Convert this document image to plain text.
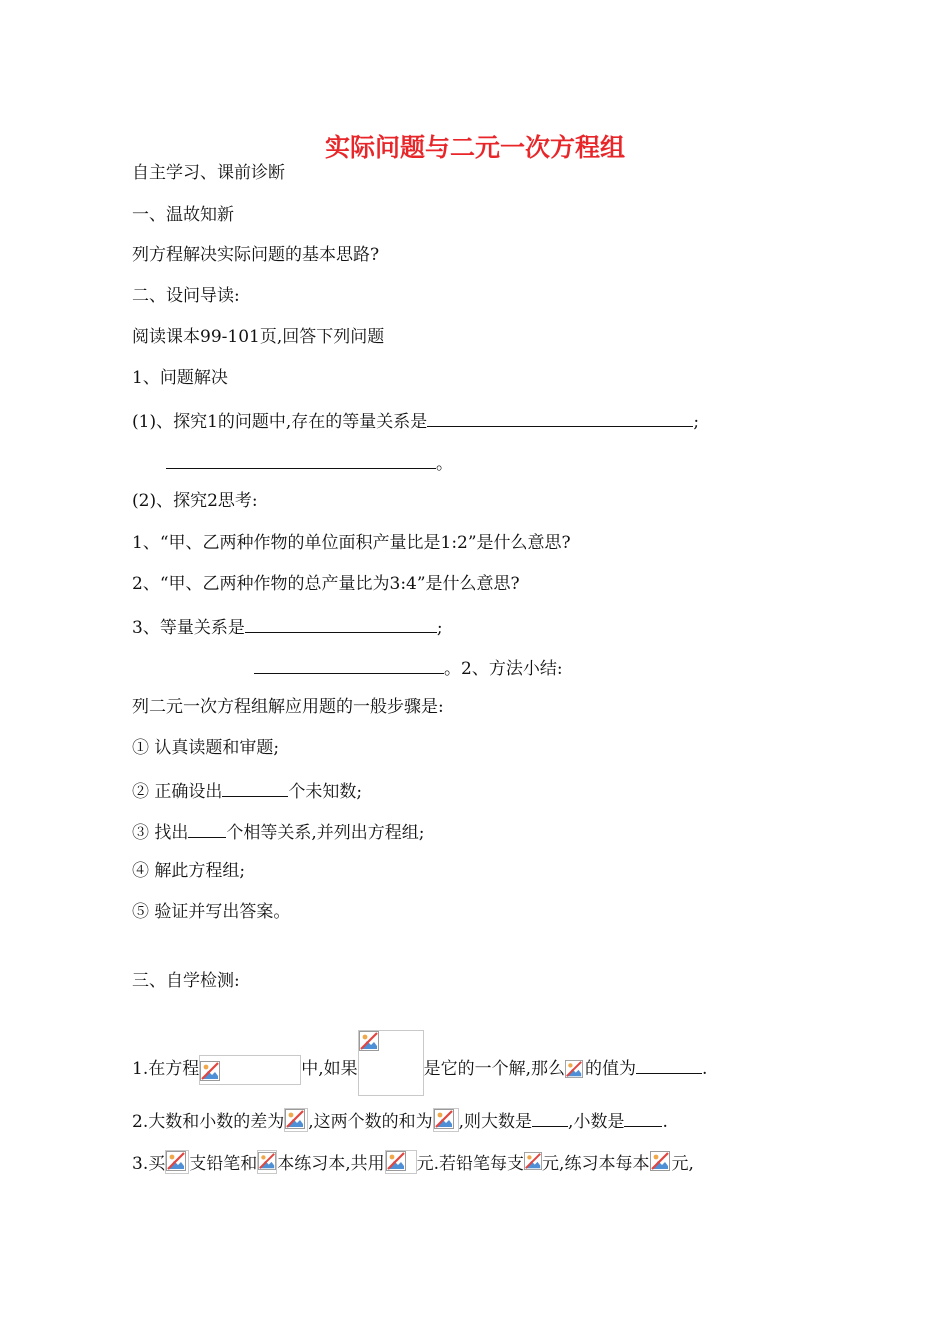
实际问题与二元一次方程组
自主学习、课前诊断
一、温故知新
列方程解决实际问题的基本思路?
二、设问导读:
阅读课本99-101页,回答下列问题
1、问题解决
(1)、探究1的问题中,存在的等量关系是	;
。
(2)、探究2思考:
1、“甲、乙两种作物的单位面积产量比是1:2”是什么意思?
2、“甲、乙两种作物的总产量比为3:4”是什么意思?
3、等量关系是	;
。2、方法小结:
列二元一次方程组解应用题的一般步骤是:
① 认真读题和审题;
② 正确设出	个未知数;
③ 找出 个相等关系,并列出方程组;
④ 解此方程组;
⑤ 验证并写出答案。
三、自学检测:
1.在方程	中,如果	是它的一个解,那么 的值为	.
2.大数和小数的差为 ,这两个数的和为 ,则大数是 ,小数是 .
3.买 支铅笔和 本练习本,共用 元.若铅笔每支 元,练习本每本 元,
